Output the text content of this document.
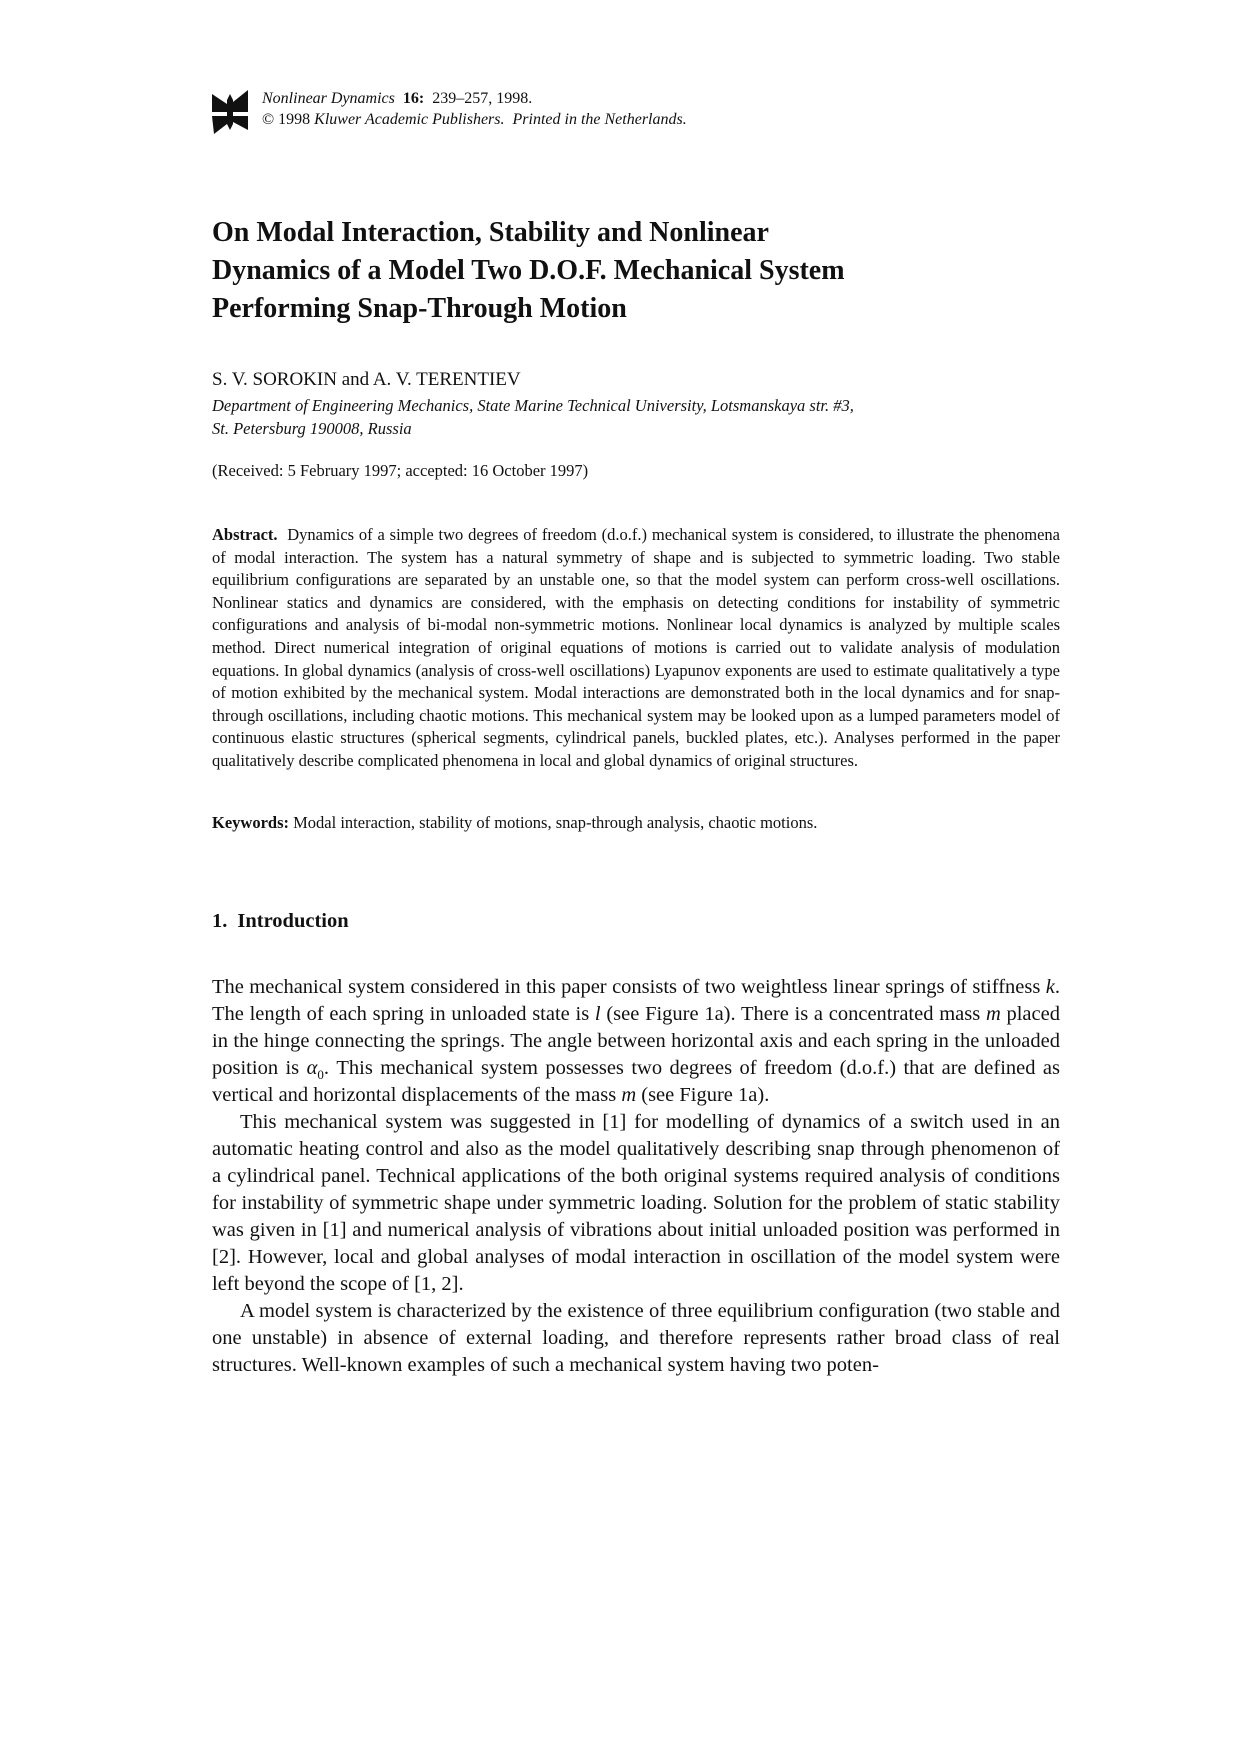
Nonlinear Dynamics 16: 239–257, 1998.
© 1998 Kluwer Academic Publishers. Printed in the Netherlands.
On Modal Interaction, Stability and Nonlinear
Dynamics of a Model Two D.O.F. Mechanical System
Performing Snap-Through Motion

S. V. SOROKIN and A. V. TERENTIEV

Department of Engineering Mechanics, State Marine Technical University, Lotsmanskaya str. #3,
St. Petersburg 190008, Russia

(Received: 5 February 1997; accepted: 16 October 1997)

Abstract. Dynamics of a simple two degrees of freedom (d.o.f.) mechanical system is considered, to illustrate the phenomena of modal interaction. The system has a natural symmetry of shape and is subjected to symmetric loading. Two stable equilibrium configurations are separated by an unstable one, so that the model system can perform cross-well oscillations. Nonlinear statics and dynamics are considered, with the emphasis on detecting conditions for instability of symmetric configurations and analysis of bi-modal non-symmetric motions. Nonlinear local dynamics is analyzed by multiple scales method. Direct numerical integration of original equations of motions is carried out to validate analysis of modulation equations. In global dynamics (analysis of cross-well oscillations) Lyapunov exponents are used to estimate qualitatively a type of motion exhibited by the mechanical system. Modal interactions are demonstrated both in the local dynamics and for snap-through oscillations, including chaotic motions. This mechanical system may be looked upon as a lumped parameters model of continuous elastic structures (spherical segments, cylindrical panels, buckled plates, etc.). Analyses performed in the paper qualitatively describe complicated phenomena in local and global dynamics of original structures.

Keywords: Modal interaction, stability of motions, snap-through analysis, chaotic motions.

1. Introduction

The mechanical system considered in this paper consists of two weightless linear springs of stiffness k. The length of each spring in unloaded state is l (see Figure 1a). There is a concentrated mass m placed in the hinge connecting the springs. The angle between horizontal axis and each spring in the unloaded position is $\alpha_0$. This mechanical system possesses two degrees of freedom (d.o.f.) that are defined as vertical and horizontal displacements of the mass m (see Figure 1a).

This mechanical system was suggested in [1] for modelling of dynamics of a switch used in an automatic heating control and also as the model qualitatively describing snap through phenomenon of a cylindrical panel. Technical applications of the both original systems required analysis of conditions for instability of symmetric shape under symmetric loading. Solution for the problem of static stability was given in [1] and numerical analysis of vibrations about initial unloaded position was performed in [2]. However, local and global analyses of modal interaction in oscillation of the model system were left beyond the scope of [1, 2].

A model system is characterized by the existence of three equilibrium configuration (two stable and one unstable) in absence of external loading, and therefore represents rather broad class of real structures. Well-known examples of such a mechanical system having two poten-
